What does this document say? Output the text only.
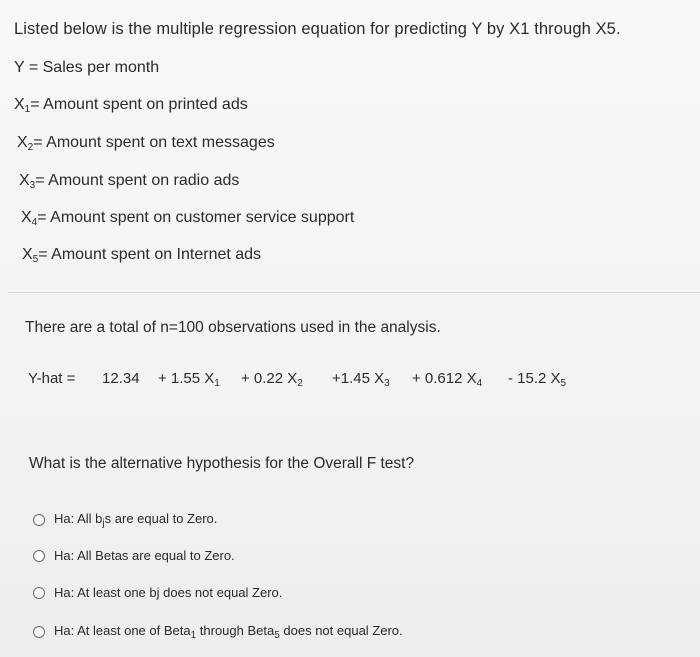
Listed below is the multiple regression equation for predicting Y by X1 through X5.
Y = Sales per month
$X_1=$ Amount spent on printed ads
$X_2=$ Amount spent on text messages
$X_3=$ Amount spent on radio ads
$X_4=$ Amount spent on customer service support
$X_5=$ Amount spent on Internet ads
There are a total of n=100 observations used in the analysis.
Y-hat = 12.34 + 1.55 $X_1 + 0.22$ $X_2 +1.45$ $X_3 + 0.612$ $X_4 - 15.2$ $X_5$
What is the alternative hypothesis for the Overall F test?
Ha: All $b_js$ are equal to Zero.
Ha: All Betas are equal to Zero.
Ha: At least one bj does not equal Zero.
Ha: At least one of Beta$_1$ through Beta$_5$ does not equal Zero.
